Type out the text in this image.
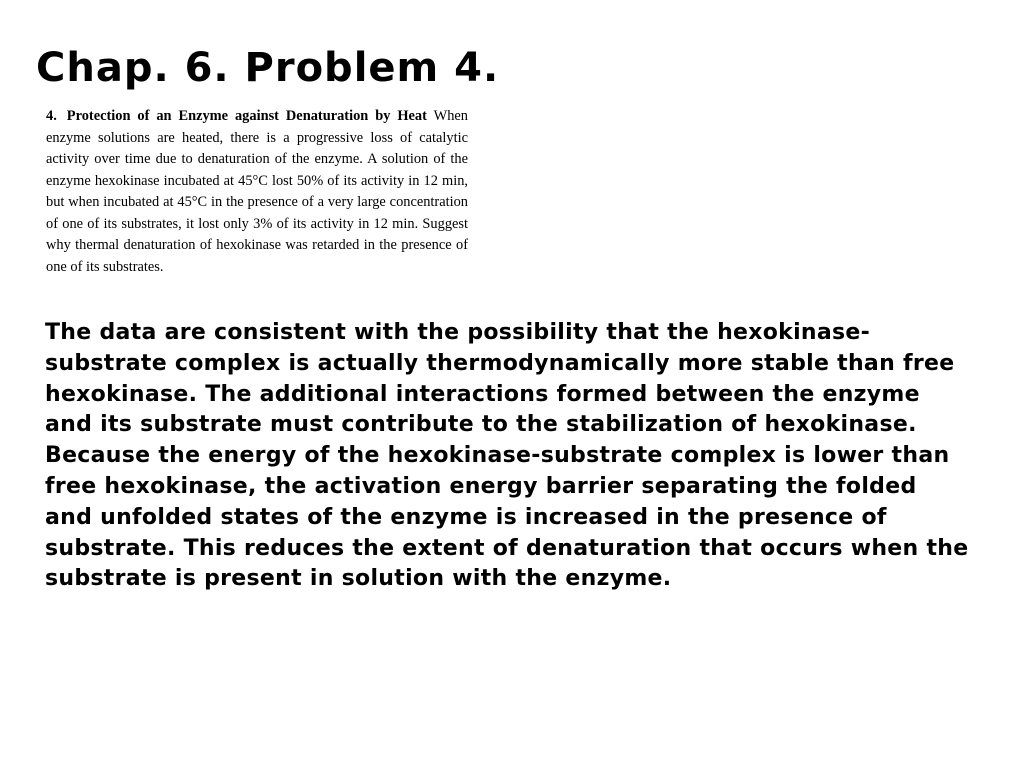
Chap. 6. Problem 4.
4. Protection of an Enzyme against Denaturation by Heat When enzyme solutions are heated, there is a progressive loss of catalytic activity over time due to denaturation of the enzyme. A solution of the enzyme hexokinase incubated at 45°C lost 50% of its activity in 12 min, but when incubated at 45°C in the presence of a very large concentration of one of its substrates, it lost only 3% of its activity in 12 min. Suggest why thermal denaturation of hexokinase was retarded in the presence of one of its substrates.

The data are consistent with the possibility that the hexokinase-substrate complex is actually thermodynamically more stable than free hexokinase. The additional interactions formed between the enzyme and its substrate must contribute to the stabilization of hexokinase. Because the energy of the hexokinase-substrate complex is lower than free hexokinase, the activation energy barrier separating the folded and unfolded states of the enzyme is increased in the presence of substrate. This reduces the extent of denaturation that occurs when the substrate is present in solution with the enzyme.
